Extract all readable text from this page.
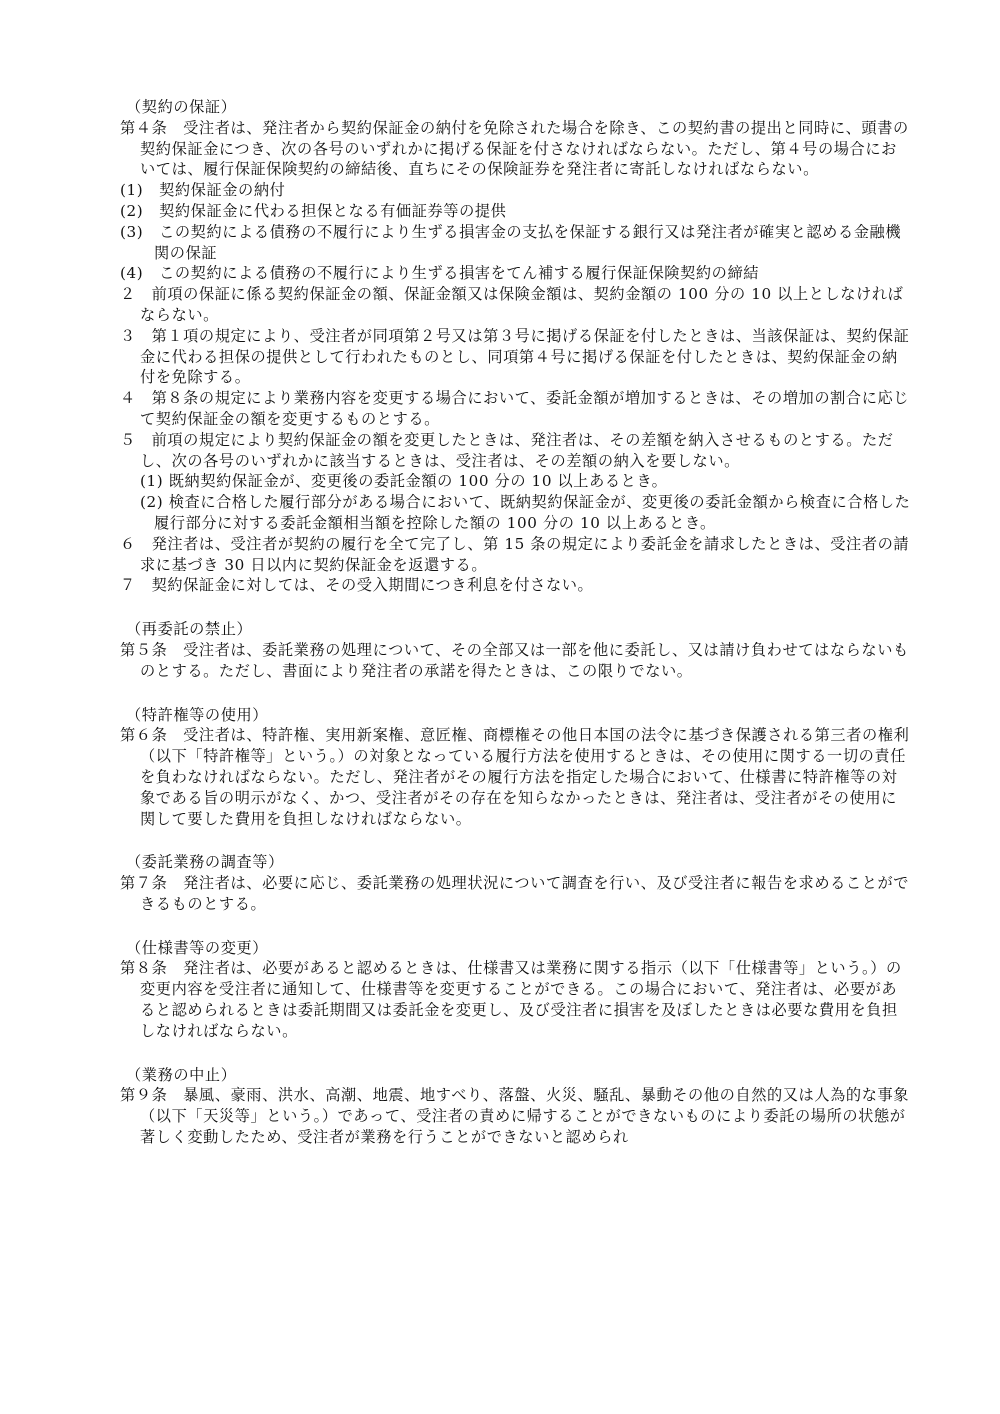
（契約の保証）

第４条　受注者は、発注者から契約保証金の納付を免除された場合を除き、この契約書の提出と同時に、頭書の契約保証金につき、次の各号のいずれかに掲げる保証を付さなければならない。ただし、第４号の場合においては、履行保証保険契約の締結後、直ちにその保険証券を発注者に寄託しなければならない。

(1)　契約保証金の納付

(2)　契約保証金に代わる担保となる有価証券等の提供

(3)　この契約による債務の不履行により生ずる損害金の支払を保証する銀行又は発注者が確実と認める金融機関の保証

(4)　この契約による債務の不履行により生ずる損害をてん補する履行保証保険契約の締結

２　前項の保証に係る契約保証金の額、保証金額又は保険金額は、契約金額の 100 分の 10 以上としなければならない。

３　第１項の規定により、受注者が同項第２号又は第３号に掲げる保証を付したときは、当該保証は、契約保証金に代わる担保の提供として行われたものとし、同項第４号に掲げる保証を付したときは、契約保証金の納付を免除する。

４　第８条の規定により業務内容を変更する場合において、委託金額が増加するときは、その増加の割合に応じて契約保証金の額を変更するものとする。

５　前項の規定により契約保証金の額を変更したときは、発注者は、その差額を納入させるものとする。ただし、次の各号のいずれかに該当するときは、受注者は、その差額の納入を要しない。

(1) 既納契約保証金が、変更後の委託金額の 100 分の 10 以上あるとき。

(2) 検査に合格した履行部分がある場合において、既納契約保証金が、変更後の委託金額から検査に合格した履行部分に対する委託金額相当額を控除した額の 100 分の 10 以上あるとき。

６　発注者は、受注者が契約の履行を全て完了し、第 15 条の規定により委託金を請求したときは、受注者の請求に基づき 30 日以内に契約保証金を返還する。

７　契約保証金に対しては、その受入期間につき利息を付さない。

（再委託の禁止）

第５条　受注者は、委託業務の処理について、その全部又は一部を他に委託し、又は請け負わせてはならないものとする。ただし、書面により発注者の承諾を得たときは、この限りでない。

（特許権等の使用）

第６条　受注者は、特許権、実用新案権、意匠権、商標権その他日本国の法令に基づき保護される第三者の権利（以下「特許権等」という。）の対象となっている履行方法を使用するときは、その使用に関する一切の責任を負わなければならない。ただし、発注者がその履行方法を指定した場合において、仕様書に特許権等の対象である旨の明示がなく、かつ、受注者がその存在を知らなかったときは、発注者は、受注者がその使用に関して要した費用を負担しなければならない。

（委託業務の調査等）

第７条　発注者は、必要に応じ、委託業務の処理状況について調査を行い、及び受注者に報告を求めることができるものとする。

（仕様書等の変更）

第８条　発注者は、必要があると認めるときは、仕様書又は業務に関する指示（以下「仕様書等」という。）の変更内容を受注者に通知して、仕様書等を変更することができる。この場合において、発注者は、必要があると認められるときは委託期間又は委託金を変更し、及び受注者に損害を及ぼしたときは必要な費用を負担しなければならない。

（業務の中止）

第９条　暴風、豪雨、洪水、高潮、地震、地すべり、落盤、火災、騒乱、暴動その他の自然的又は人為的な事象（以下「天災等」という。）であって、受注者の責めに帰することができないものにより委託の場所の状態が著しく変動したため、受注者が業務を行うことができないと認められ
